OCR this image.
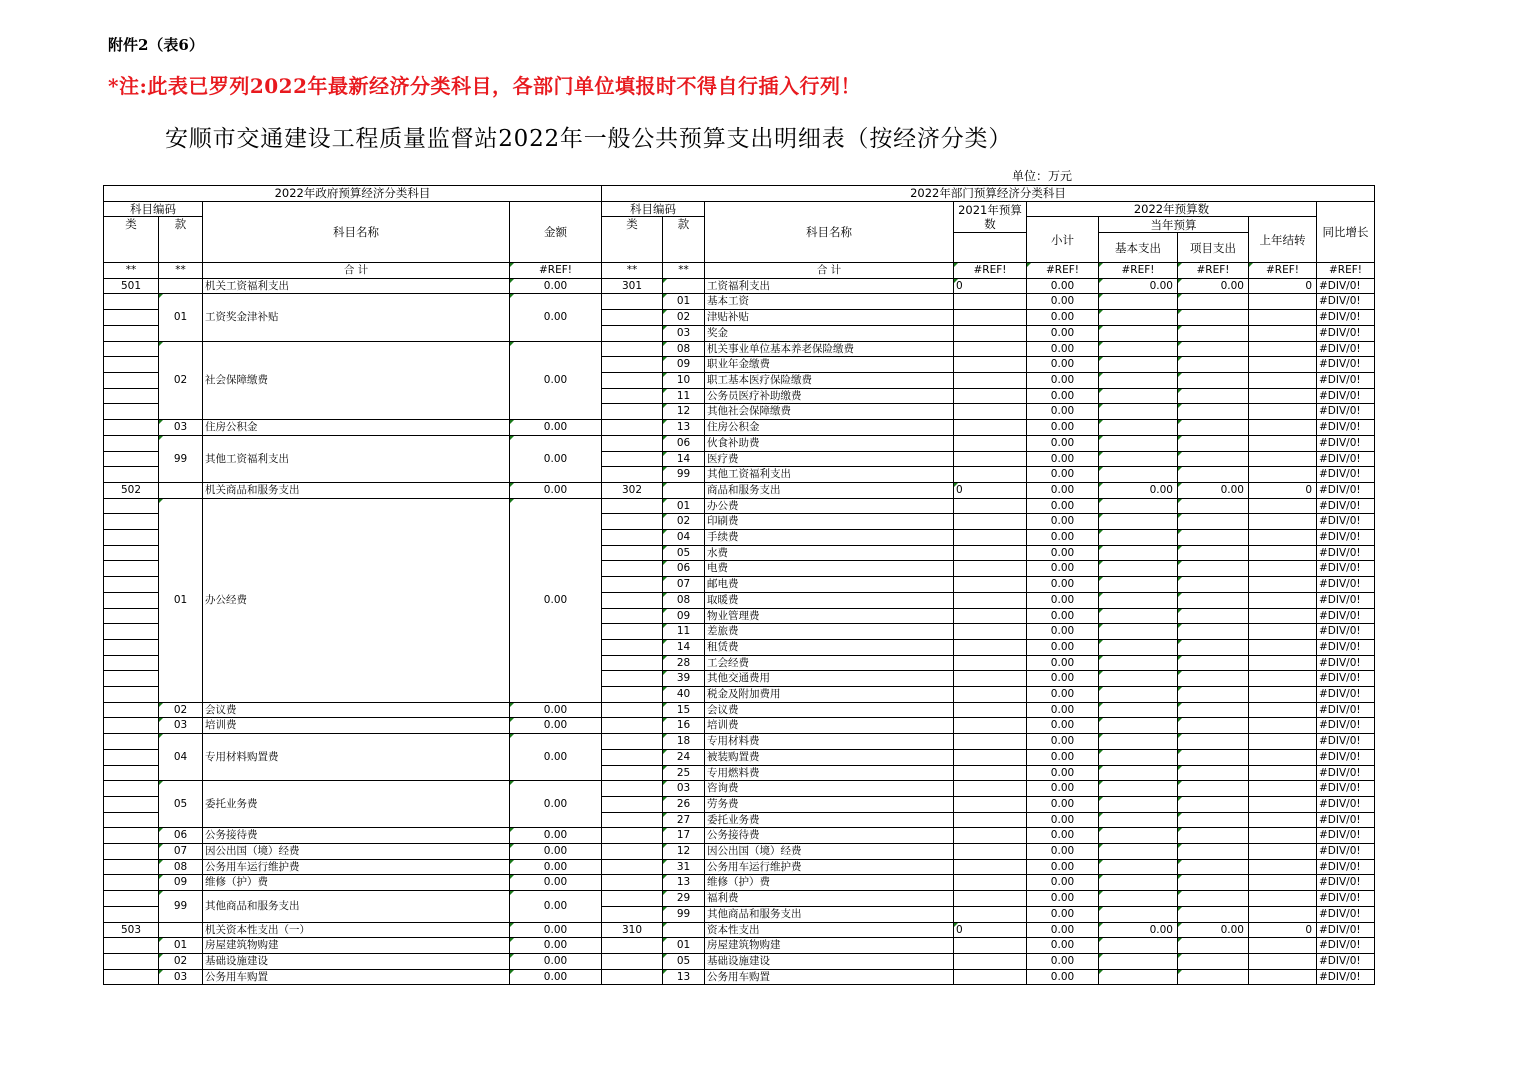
附件2（表6）
*注:此表已罗列2022年最新经济分类科目，各部门单位填报时不得自行插入行列！
安顺市交通建设工程质量监督站2022年一般公共预算支出明细表（按经济分类）
单位：万元
2022年政府预算经济分类科目				2022年部门预算经济分类科目								
科目编码		科目名称	金额	科目编码		科目名称	2021年预算数	2022年预算数				同比增长
类	款			类	款			小计	当年预算		上年结转	
									基本支出	项目支出		
**	**	合 计	#REF!	**	**	合 计	#REF!	#REF!	#REF!	#REF!	#REF!	#REF!
501		机关工资福利支出	0.00	301		工资福利支出	0	0.00	0.00	0.00	0	#DIV/0!
	01	工资奖金津补贴	0.00		01	基本工资		0.00				#DIV/0!
					02	津贴补贴		0.00				#DIV/0!
					03	奖金		0.00				#DIV/0!
	02	社会保障缴费	0.00		08	机关事业单位基本养老保险缴费		0.00				#DIV/0!
					09	职业年金缴费		0.00				#DIV/0!
					10	职工基本医疗保险缴费		0.00				#DIV/0!
					11	公务员医疗补助缴费		0.00				#DIV/0!
					12	其他社会保障缴费		0.00				#DIV/0!
	03	住房公积金	0.00		13	住房公积金		0.00				#DIV/0!
	99	其他工资福利支出	0.00		06	伙食补助费		0.00				#DIV/0!
					14	医疗费		0.00				#DIV/0!
					99	其他工资福利支出		0.00				#DIV/0!
502		机关商品和服务支出	0.00	302		商品和服务支出	0	0.00	0.00	0.00	0	#DIV/0!
	01	办公经费	0.00		01	办公费		0.00				#DIV/0!
					02	印刷费		0.00				#DIV/0!
					04	手续费		0.00				#DIV/0!
					05	水费		0.00				#DIV/0!
					06	电费		0.00				#DIV/0!
					07	邮电费		0.00				#DIV/0!
					08	取暖费		0.00				#DIV/0!
					09	物业管理费		0.00				#DIV/0!
					11	差旅费		0.00				#DIV/0!
					14	租赁费		0.00				#DIV/0!
					28	工会经费		0.00				#DIV/0!
					39	其他交通费用		0.00				#DIV/0!
					40	税金及附加费用		0.00				#DIV/0!
	02	会议费	0.00		15	会议费		0.00				#DIV/0!
	03	培训费	0.00		16	培训费		0.00				#DIV/0!
	04	专用材料购置费	0.00		18	专用材料费		0.00				#DIV/0!
					24	被装购置费		0.00				#DIV/0!
					25	专用燃料费		0.00				#DIV/0!
	05	委托业务费	0.00		03	咨询费		0.00				#DIV/0!
					26	劳务费		0.00				#DIV/0!
					27	委托业务费		0.00				#DIV/0!
	06	公务接待费	0.00		17	公务接待费		0.00				#DIV/0!
	07	因公出国（境）经费	0.00		12	因公出国（境）经费		0.00				#DIV/0!
	08	公务用车运行维护费	0.00		31	公务用车运行维护费		0.00				#DIV/0!
	09	维修（护）费	0.00		13	维修（护）费		0.00				#DIV/0!
	99	其他商品和服务支出	0.00		29	福利费		0.00				#DIV/0!
					99	其他商品和服务支出		0.00				#DIV/0!
503		机关资本性支出（一）	0.00	310		资本性支出	0	0.00	0.00	0.00	0	#DIV/0!
	01	房屋建筑物购建	0.00		01	房屋建筑物购建		0.00				#DIV/0!
	02	基础设施建设	0.00		05	基础设施建设		0.00				#DIV/0!
	03	公务用车购置	0.00		13	公务用车购置		0.00				#DIV/0!
